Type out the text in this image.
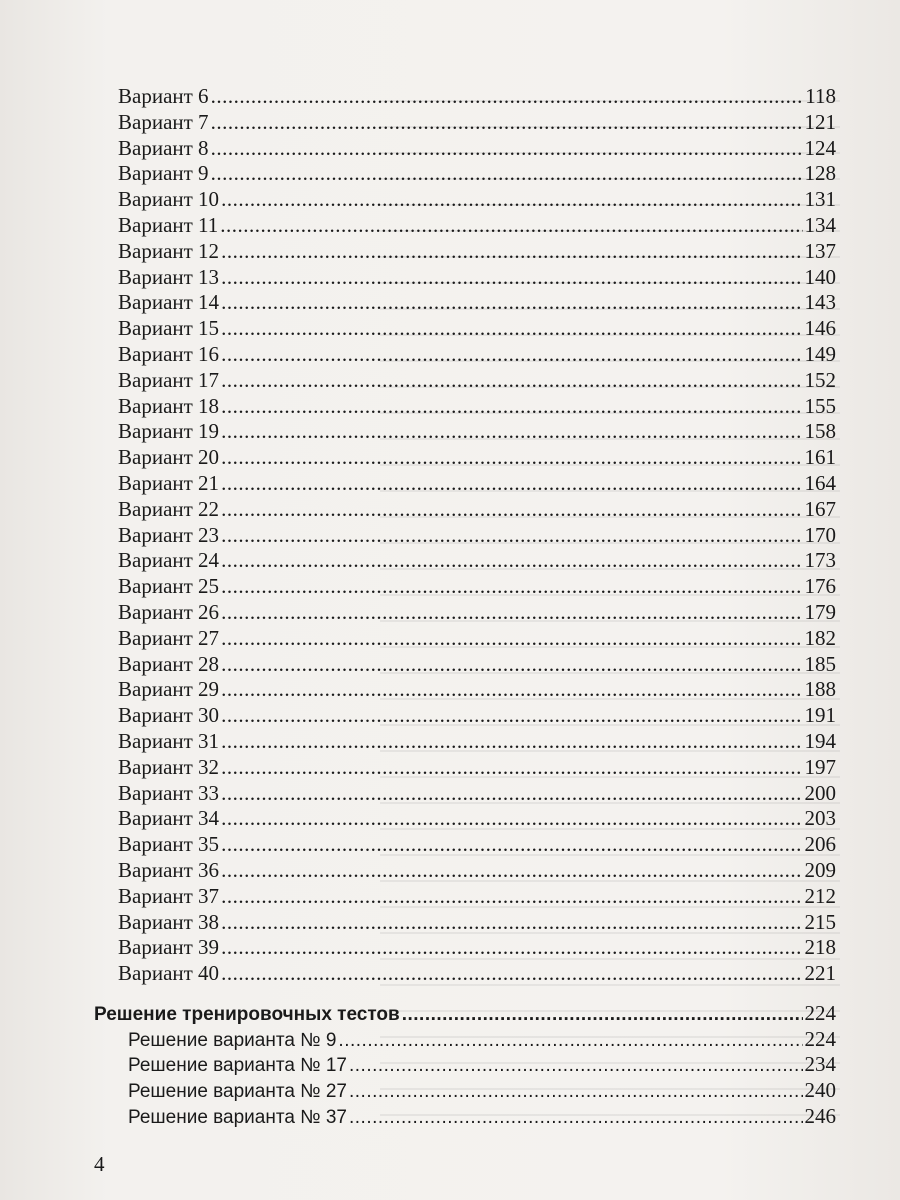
Вариант 6 .....	118
Вариант 7 .....	121
Вариант 8 .....	124
Вариант 9 .....	128
Вариант 10 .....	131
Вариант 11 .....	134
Вариант 12 .....	137
Вариант 13 .....	140
Вариант 14 .....	143
Вариант 15 .....	146
Вариант 16 .....	149
Вариант 17 .....	152
Вариант 18 .....	155
Вариант 19 .....	158
Вариант 20 .....	161
Вариант 21 .....	164
Вариант 22 .....	167
Вариант 23 .....	170
Вариант 24 .....	173
Вариант 25 .....	176
Вариант 26 .....	179
Вариант 27 .....	182
Вариант 28 .....	185
Вариант 29 .....	188
Вариант 30 .....	191
Вариант 31 .....	194
Вариант 32 .....	197
Вариант 33 .....	200
Вариант 34 .....	203
Вариант 35 .....	206
Вариант 36 .....	209
Вариант 37 .....	212
Вариант 38 .....	215
Вариант 39 .....	218
Вариант 40 .....	221
Решение тренировочных тестов .....	224
Решение варианта № 9 .....	224
Решение варианта № 17 .....	234
Решение варианта № 27 .....	240
Решение варианта № 37 .....	246
4
